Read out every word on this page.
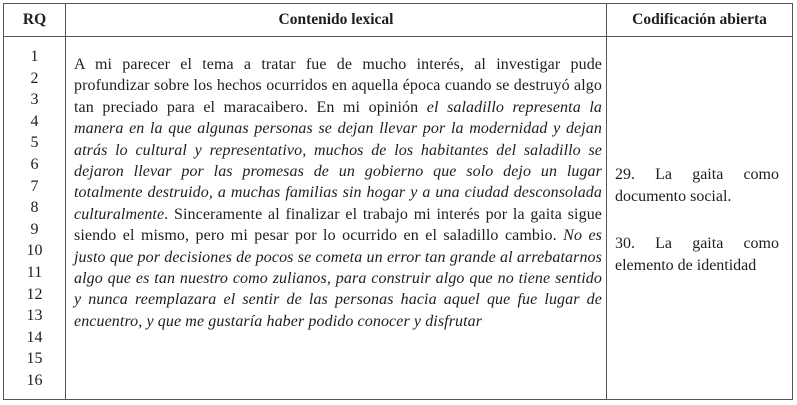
RQ	Contenido lexical	Codificación abierta
1
2
3
4
5
6
7
8
9
10
11
12
13
14
15
16
A mi parecer el tema a tratar fue de mucho interés, al investigar pude profundizar sobre los hechos ocurridos en aquella época cuando se destruyó algo tan preciado para el maracaibero. En mi opinión el saladillo representa la manera en la que algunas personas se dejan llevar por la modernidad y dejan atrás lo cultural y representativo, muchos de los habitantes del saladillo se dejaron llevar por las promesas de un gobierno que solo dejo un lugar totalmente destruido, a muchas familias sin hogar y a una ciudad desconsolada culturalmente. Sinceramente al finalizar el trabajo mi interés por la gaita sigue siendo el mismo, pero mi pesar por lo ocurrido en el saladillo cambio. No es justo que por decisiones de pocos se cometa un error tan grande al arrebatarnos algo que es tan nuestro como zulianos, para construir algo que no tiene sentido y nunca reemplazara el sentir de las personas hacia aquel que fue lugar de encuentro, y que me gustaría haber podido conocer y disfrutar
29. La gaita como documento social.
30. La gaita como elemento de identidad
